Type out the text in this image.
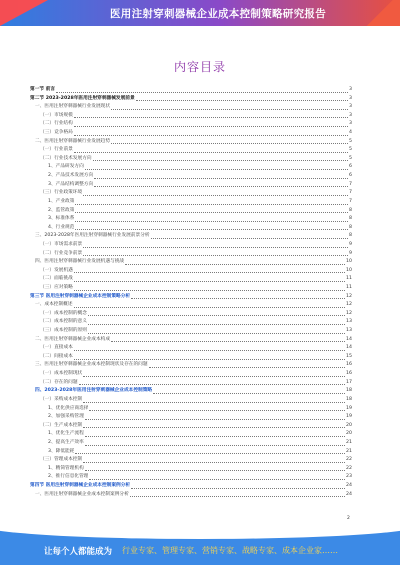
医用注射穿刺器械企业成本控制策略研究报告
内容目录
第一节 前言	3
第二节 2023-2028年医用注射穿刺器械发展前景	3
一、医用注射穿刺器械行业发展现状	3
（一）市场规模	3
（二）行业结构	3
（三）竞争格局	4
二、医用注射穿刺器械行业发展趋势	5
（一）行业前景	5
（二）行业技术发展方向	5
1、产品研发方向	6
2、产品技术发展方向	6
3、产品结构调整方向	7
（三）行业政策环境	7
1、产业政策	7
2、监管政策	8
3、标准体系	8
4、行业规范	8
三、2023-2028年医用注射穿刺器械行业发展前景分析	8
（一）市场需求前景	9
（二）行业竞争前景	9
四、医用注射穿刺器械行业发展机遇与挑战	10
（一）发展机遇	10
（二）面临挑战	11
（三）应对策略	11
第三节 医用注射穿刺器械企业成本控制策略分析	12
一、成本控制概述	12
（一）成本控制的概念	12
（二）成本控制的意义	13
（三）成本控制的原则	13
二、医用注射穿刺器械企业成本构成	14
（一）直接成本	14
（二）间接成本	15
三、医用注射穿刺器械企业成本控制现状及存在的问题	16
（一）成本控制现状	16
（二）存在的问题	17
四、2023-2028年医用注射穿刺器械企业成本控制策略	18
（一）采购成本控制	18
1、优化供应商选择	19
2、加强采购管理	19
（二）生产成本控制	20
1、优化生产流程	20
2、提高生产效率	21
3、降低能耗	21
（三）管理成本控制	22
1、精简管理机构	22
2、推行信息化管理	23
第四节 医用注射穿刺器械企业成本控制案例分析	24
一、医用注射穿刺器械企业成本控制案例分析	24
2
让每个人都能成为 行业专家、管理专家、营销专家、战略专家、成本企业家……
